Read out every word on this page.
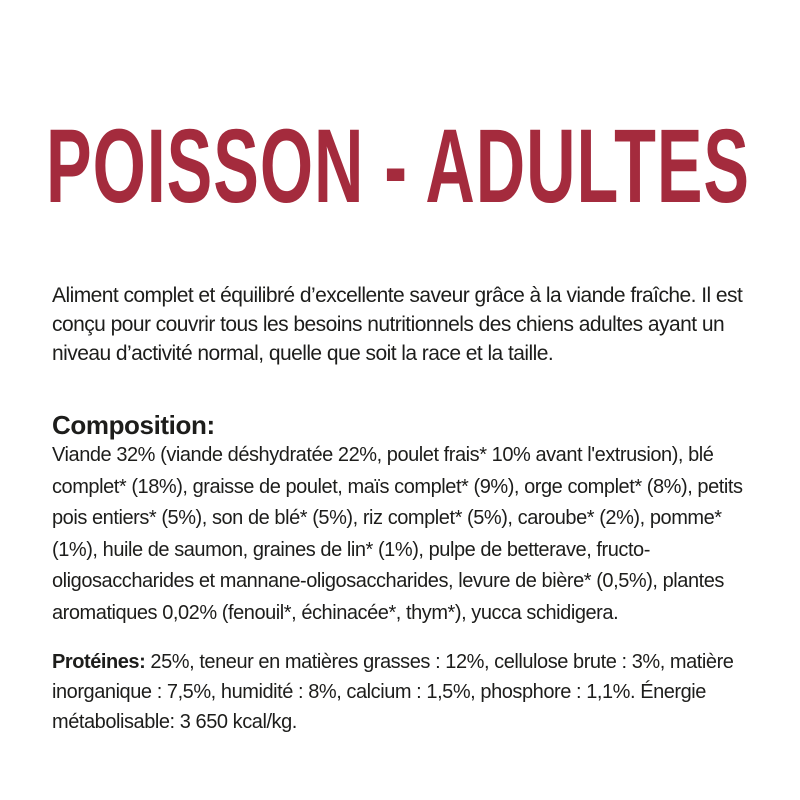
POISSON - ADULTES

Aliment complet et équilibré d’excellente saveur grâce à la viande fraîche. Il est conçu pour couvrir tous les besoins nutritionnels des chiens adultes ayant un niveau d’activité normal, quelle que soit la race et la taille.

Composition:

Viande 32% (viande déshydratée 22%, poulet frais* 10% avant l'extrusion), blé complet* (18%), graisse de poulet, maïs complet* (9%), orge complet* (8%), petits pois entiers* (5%), son de blé* (5%), riz complet* (5%), caroube* (2%), pomme* (1%), huile de saumon, graines de lin* (1%), pulpe de betterave, fructo-oligosaccharides et mannane-oligosaccharides, levure de bière* (0,5%), plantes aromatiques 0,02% (fenouil*, échinacée*, thym*), yucca schidigera.

Protéines: 25%, teneur en matières grasses : 12%, cellulose brute : 3%, matière inorganique : 7,5%, humidité : 8%, calcium : 1,5%, phosphore : 1,1%. Énergie métabolisable: 3 650 kcal/kg.
